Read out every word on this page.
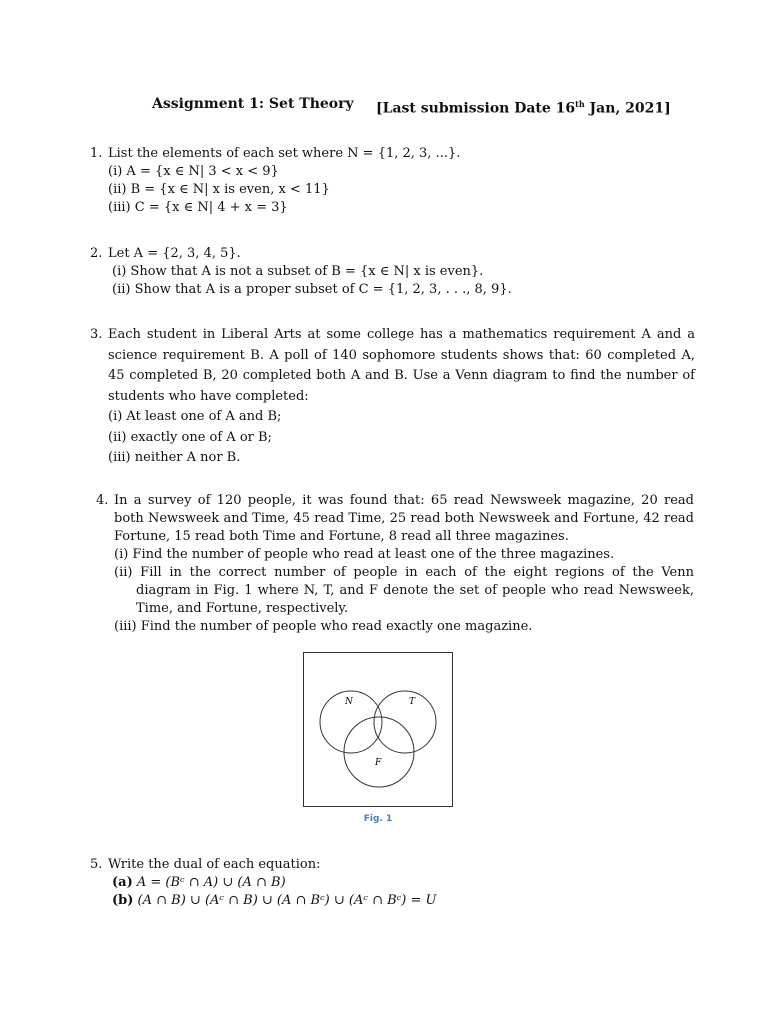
Assignment 1: Set Theory [Last submission Date 16th Jan, 2021]
1. List the elements of each set where N = {1, 2, 3, ...}.
(i) A = {x ∈ N| 3 < x < 9}
(ii) B = {x ∈ N| x is even, x < 11}
(iii) C = {x ∈ N| 4 + x = 3}
2. Let A = {2, 3, 4, 5}.
(i) Show that A is not a subset of B = {x ∈ N| x is even}.
(ii) Show that A is a proper subset of C = {1, 2, 3, . . ., 8, 9}.
3. Each student in Liberal Arts at some college has a mathematics requirement A and a science requirement B. A poll of 140 sophomore students shows that: 60 completed A, 45 completed B, 20 completed both A and B. Use a Venn diagram to find the number of students who have completed:
(i) At least one of A and B;
(ii) exactly one of A or B;
(iii) neither A nor B.
4. In a survey of 120 people, it was found that: 65 read Newsweek magazine, 20 read both Newsweek and Time, 45 read Time, 25 read both Newsweek and Fortune, 42 read Fortune, 15 read both Time and Fortune, 8 read all three magazines.
(i) Find the number of people who read at least one of the three magazines.
(ii) Fill in the correct number of people in each of the eight regions of the Venn diagram in Fig. 1 where N, T, and F denote the set of people who read Newsweek, Time, and Fortune, respectively.
(iii) Find the number of people who read exactly one magazine.
N	T
F
Fig. 1
5. Write the dual of each equation:
(a) A = (Bᶜ ∩ A) ∪ (A ∩ B)
(b) (A ∩ B) ∪ (Aᶜ ∩ B) ∪ (A ∩ Bᶜ) ∪ (Aᶜ ∩ Bᶜ) = U
